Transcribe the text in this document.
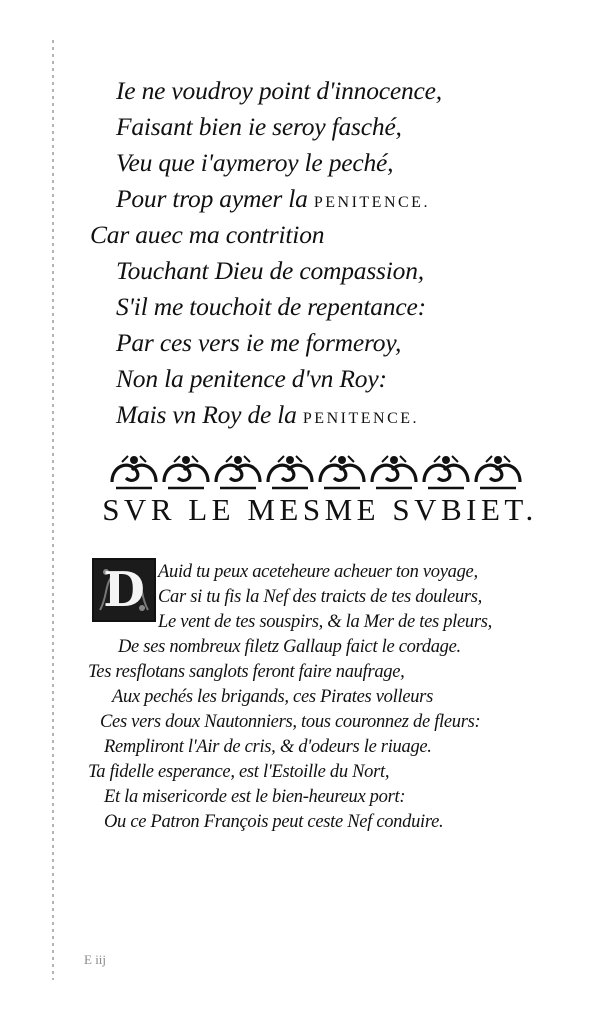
Ie ne voudroy point d'innocence,
Faisant bien ie seroy fasché,
Veu que i'aymeroy le peché,
Pour trop aymer la PENITENCE.
Car auec ma contrition
Touchant Dieu de compassion,
S'il me touchoit de repentance:
Par ces vers ie me formeroy,
Non la penitence d'vn Roy:
Mais vn Roy de la PENITENCE.
SVR LE MESME SVBIET.
D Auid tu peux aceteheure acheuer ton voyage,
Car si tu fis la Nef des traicts de tes douleurs,
Le vent de tes souspirs, & la Mer de tes pleurs,
De ses nombreux filetz Gallaup faict le cordage.
Tes resflotans sanglots feront faire naufrage,
Aux pechés les brigands, ces Pirates volleurs
Ces vers doux Nautonniers, tous couronnez de fleurs:
Rempliront l'Air de cris, & d'odeurs le riuage.
Ta fidelle esperance, est l'Estoille du Nort,
Et la misericorde est le bien-heureux port:
Ou ce Patron François peut ceste Nef conduire.
E iij
